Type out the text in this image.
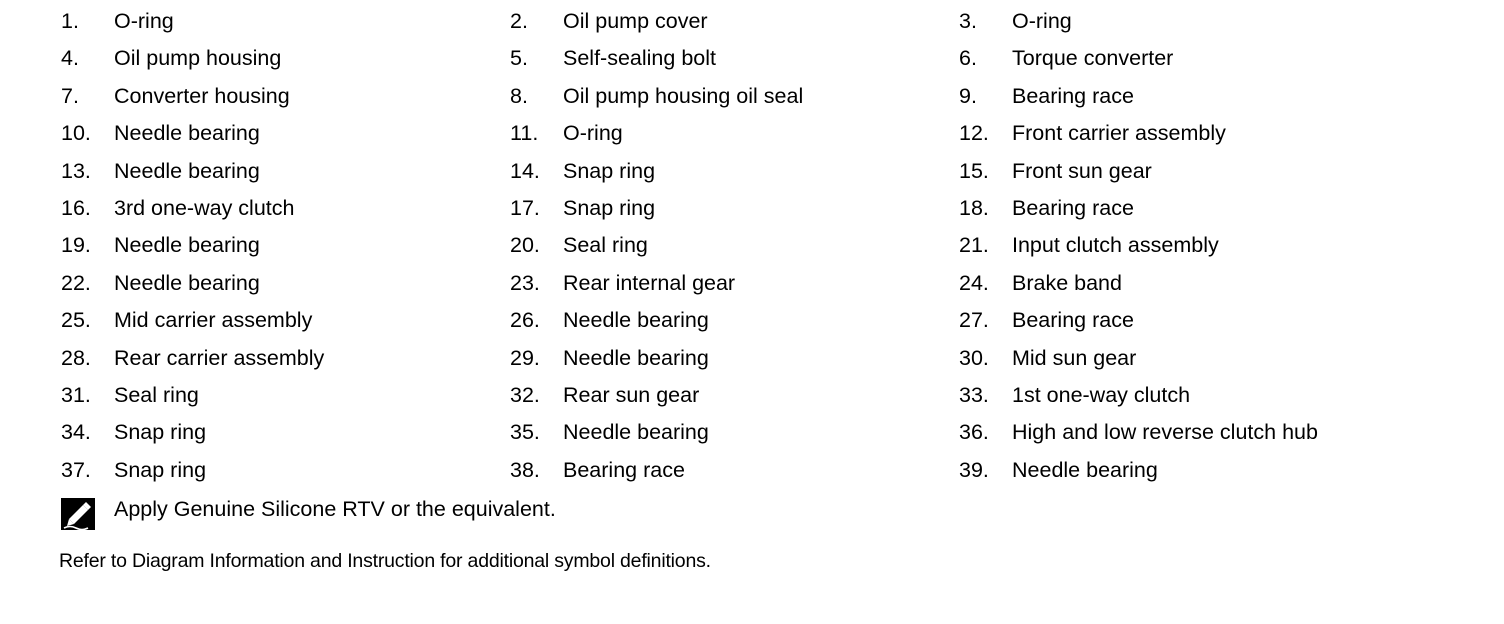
1.	O-ring	2.	Oil pump cover	3.	O-ring
4.	Oil pump housing	5.	Self-sealing bolt	6.	Torque converter
7.	Converter housing	8.	Oil pump housing oil seal	9.	Bearing race
10.	Needle bearing	11.	O-ring	12.	Front carrier assembly
13.	Needle bearing	14.	Snap ring	15.	Front sun gear
16.	3rd one-way clutch	17.	Snap ring	18.	Bearing race
19.	Needle bearing	20.	Seal ring	21.	Input clutch assembly
22.	Needle bearing	23.	Rear internal gear	24.	Brake band
25.	Mid carrier assembly	26.	Needle bearing	27.	Bearing race
28.	Rear carrier assembly	29.	Needle bearing	30.	Mid sun gear
31.	Seal ring	32.	Rear sun gear	33.	1st one-way clutch
34.	Snap ring	35.	Needle bearing	36.	High and low reverse clutch hub
37.	Snap ring	38.	Bearing race	39.	Needle bearing
Apply Genuine Silicone RTV or the equivalent.
Refer to Diagram Information and Instruction for additional symbol definitions.
